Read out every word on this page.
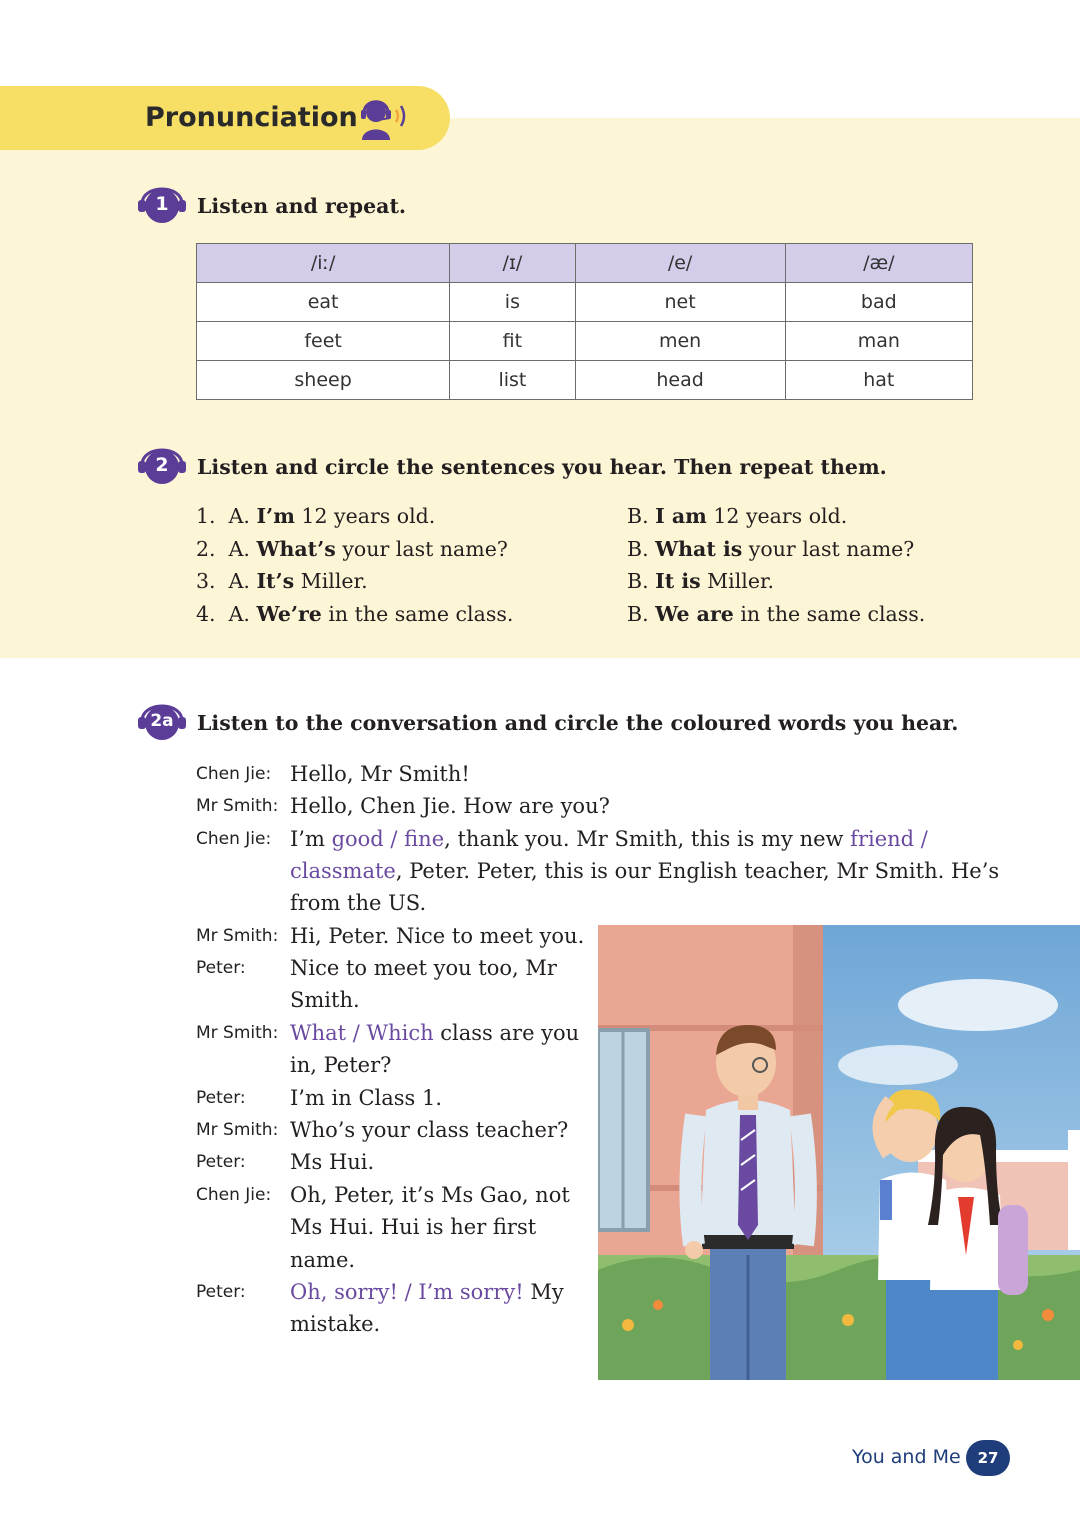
Pronunciation
1	Listen and repeat.
/iː/	/ɪ/	/e/	/æ/
eat	is	net	bad
feet	fit	men	man
sheep	list	head	hat
2	Listen and circle the sentences you hear. Then repeat them.
1. A. I’m 12 years old.	B. I am 12 years old.
2. A. What’s your last name?	B. What is your last name?
3. A. It’s Miller.	B. It is Miller.
4. A. We’re in the same class.	B. We are in the same class.
2a	Listen to the conversation and circle the coloured words you hear.
Chen Jie: Hello, Mr Smith!
Mr Smith: Hello, Chen Jie. How are you?
Chen Jie: I’m good / fine, thank you. Mr Smith, this is my new friend /
classmate, Peter. Peter, this is our English teacher, Mr Smith. He’s
from the US.
Mr Smith: Hi, Peter. Nice to meet you.
Peter: Nice to meet you too, Mr
Smith.
Mr Smith: What / Which class are you
in, Peter?
Peter: I’m in Class 1.
Mr Smith: Who’s your class teacher?
Peter: Ms Hui.
Chen Jie: Oh, Peter, it’s Ms Gao, not
Ms Hui. Hui is her first
name.
Peter: Oh, sorry! / I’m sorry! My
mistake.
You and Me	27
